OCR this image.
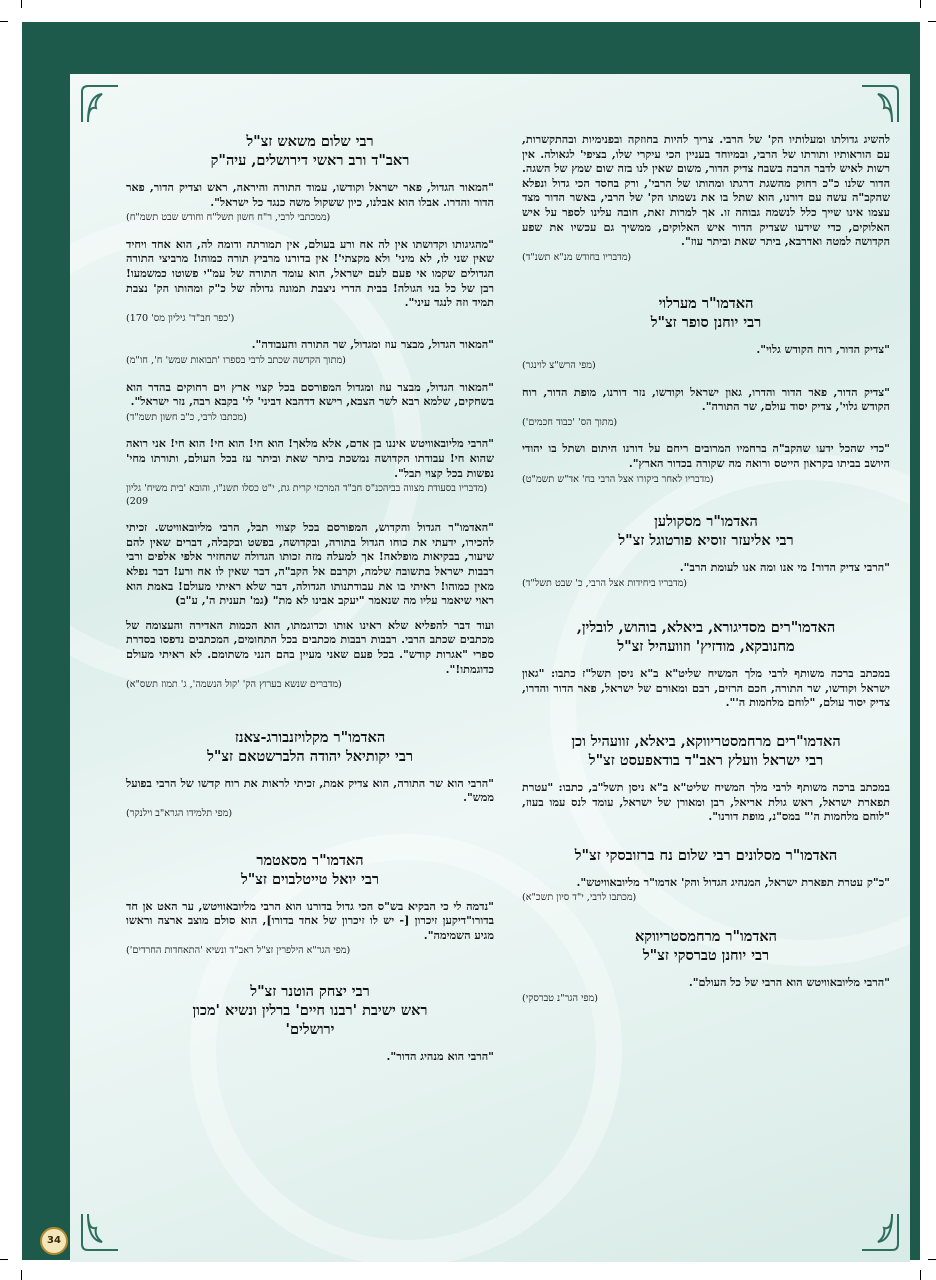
להשיג גדולתו ומעלותיו הק' של הרבי. צריך להיות בחוזקה ובפנימיות ובהתקשרות, עם הוראותיו ותורתו של הרבי, ובמיוחד בעניין הכי עיקרי שלו, בציפי' לגאולה. אין רשות לאיש לדבר הרבה בשבח צדיק הדור, משום שאין לנו בזה שום שמץ של השגה. הדור שלנו כ"כ רחוק מהשגת דרגתו ומהותו של הרבי', ורק בחסד הכי גדול ונפלא שהקב"ה עשה עם דורנו, הוא שתל בו את נשמתו הק' של הרבי, באשר הדור מצד עצמו אינו שייך כלל לנשמה גבוהה זו. אך למרות זאת, חובה עלינו לספר על איש האלוקים, כדי שידעו שצדיק הדור איש האלוקים, ממשיך גם עכשיו את שפע הקדושה למטה ואדרבא, ביתר שאת וביתר עוז".

(מדבריו בחודש מנ"א תשנ"ד)

האדמו"ר מערלוי
רבי יוחנן סופר זצ"ל

"צדיק הדור, רוח הקודש גלוי".

(מפי הרש"צ לוינגר)

"צדיק הדור, פאר הדור והדרו, גאון ישראל וקודשו, נזר דורנו, מופת הדור, רוח הקודש גלוי', צדיק יסוד עולם, שר התורה".

(מתוך הס' 'כבוד חכמים')

"כדי שהכל ידעו שהקב"ה ברחמיו המרובים ריחם על דורנו היתום ושתל בו יהודי היושב בביתו בקראון הייטס ורואה מה שקורה בכדור הארץ".

(מדבריו לאחר ביקורו אצל הרבי בח' אד"ש תשמ"ט)

האדמו"ר מסקולען
רבי אליעזר זוסיא פורטוגל זצ"ל

"הרבי צדיק הדור! מי אנו ומה אנו לעומת הרב".

(מדבריו ביחידות אצל הרבי, כ' שבט תשל"ד)

האדמו"רים מסדיגורא, ביאלא, בוהוש, לובלין,
מחנובקא, מודזיץ' וזוועהיל זצ"ל

במכתב ברכה משותף לרבי מלך המשיח שליט"א ב"א ניסן תשל"ז כתבו: "גאון ישראל וקודשו, שר התורה, חכם הרזים, רבם ומאורם של ישראל, פאר הדור והדרו, צדיק יסוד עולם, "לוחם מלחמות ה'".

האדמו"רים מרחמסטריווקא, ביאלא, זוועהיל וכן
רבי ישראל וועלץ ראב"ד בודאפעסט זצ"ל

במכתב ברכה משותף לרבי מלך המשיח שליט"א ב"א ניסן תשל"ב, כתבו: "עטרת תפארת ישראל, ראש גולת אריאל, רבן ומאורן של ישראל, עומד לנס עמו בעוז, "לוחם מלחמות ה'" במס"נ, מופת דורנו".

האדמו"ר מסלונים רבי שלום נח ברזובסקי זצ"ל

"כ"ק עטרת תפארת ישראל, המנהיג הגדול והק' אדמו"ר מליובאוויטש".

(מכתבו לרבי, י"ד סיון תשכ"א)

האדמו"ר מרחמסטריווקא
רבי יוחנן טברסקי זצ"ל

"הרבי מליובאוויטש הוא הרבי של כל העולם".

(מפי הגר"נ טברסקי)

רבי שלום משאש זצ"ל
ראב"ד ורב ראשי דירושלים, עיה"ק

"המאור הגדול, פאר ישראל וקודשו, עמוד התורה והיראה, ראש וצדיק הדור, פאר הדור והדרו. אבלו הוא אבלנו, כיון ששקול משה כנגד כל ישראל".

(ממכתבי לרבי, ר"ח חשון תשל"ח וחודש שבט תשמ"ח)

"מהגיגותו וקדושתו אין לה אח ורע בעולם, אין תמורתה ודומה לה, הוא אחד ויחיד שאין שני לו, לא מיני' ולא מקצתי'! אין בדורנו מרביץ תורה כמוהו! מרביצי התורה הגדולים שקמו אי פעם לעם ישראל, הוא עומד התורה של עמ"י פשוטו כמשמעו! רבן של כל בני הגולה! בבית הדרי ניצבת תמונה גדולה של כ"ק ומהותו הק' נצבת תמיד וזה לנגד עיני".

('כפר חב"ד' גיליון מס' 170)

"המאור הגדול, מבצר עוז ומגדול, שר התורה והעבודה".

(מתוך הקדשה שכתב לרבי בספרו 'תבואות שמש' ח', חו"מ)

"המאור הגדול, מבצר עוז ומגדול המפורסם בכל קצוי ארץ וים רחוקים בהדר הוא בשחקים, שלמא רבא לשר הצבא, רישא דדהבא דביני' לי' בקבא רבה, נזר ישראל".

(מכתבו לרבי, כ"ב חשון תשמ"ד)

"הרבי מליובאוויטש איננו בן אדם, אלא מלאך! הוא חי! הוא חי! הוא חי! אני רואה שהוא חי! עבודתו הקדושה נמשכת ביתר שאת וביתר עז בכל העולם, ותורתו מחי' נפשות בכל קצוי תבל".

(מדבריו בסעודת מצווה בביהכנ"ס חב"ד המרכזי קרית גת, י"ט כסלו תשנ"ו, והובא 'בית משיח' גליון 209)

"האדמו"ר הגדול והקדוש, המפורסם בכל קצווי תבל, הרבי מליובאוויטש. זכיתי להכירו, ידעתי את כוחו הגדול בתורה, ובקדושה, בפשט ובקבלה, דברים שאין להם שיעור, בבקיאות מופלאה! אך למעלה מזה זכותו הגדולה שהחזיר אלפי אלפים ורבי רבבות ישראל בתשובה שלמה, וקרבם אל הקב"ה, דבר שאין לו אח ורע! דבר נפלא מאין כמוהו! ראיתי בו את עבודתנותו הגדולה, דבר שלא ראיתי מעולם! באמת הוא ראוי שיאמר עליו מה שנאמר "יעקב אבינו לא מת" (גמ' תענית ה', ע"ב)

ועוד דבר להפליא שלא ראינו אותו וכדוגמתו, הוא הכמות האדירה והעצומה של מכתבים שכתב הרבי. רבבות רבבות מכתבים בכל התחומים, המכתבים נדפסו בסדרת ספרי "אגרות קודש". בכל פעם שאני מעיין בהם הנני משתומם. לא ראיתי מעולם כדוגמתו!".

(מדברים שנשא בערוץ הק' 'קול הנשמה', ג' תמוז תשס"א)

האדמו"ר מקלויזנבורג-צאנז
רבי יקותיאל יהודה הלברשטאם זצ"ל

"הרבי הוא שר התורה, הוא צדיק אמת, זכיתי לראות את רוח קדשו של הרבי בפועל ממש".

(מפי תלמידו הגרא"ב וילנקר)

האדמו"ר מסאטמר
רבי יואל טייטלבוים זצ"ל

"נדמה לי כי הבקיא בש"ס הכי גדול בדורנו הוא הרבי מליובאוויטש, ער האט אן חד בדורו"דיקען זיכרון [- יש לו זיכרון של אחד בדורו], הוא סולם מוצב ארצה וראשו מגיע השמימה".

(מפי הגר"א הילפרין זצ"ל ראב"ד ונשיא 'התאחדות החרדים')

רבי יצחק הוטנר זצ"ל
ראש ישיבת 'רבנו חיים' ברלין ונשיא 'מכון
ירושלים'

"הרבי הוא מנהיג הדור".

34
